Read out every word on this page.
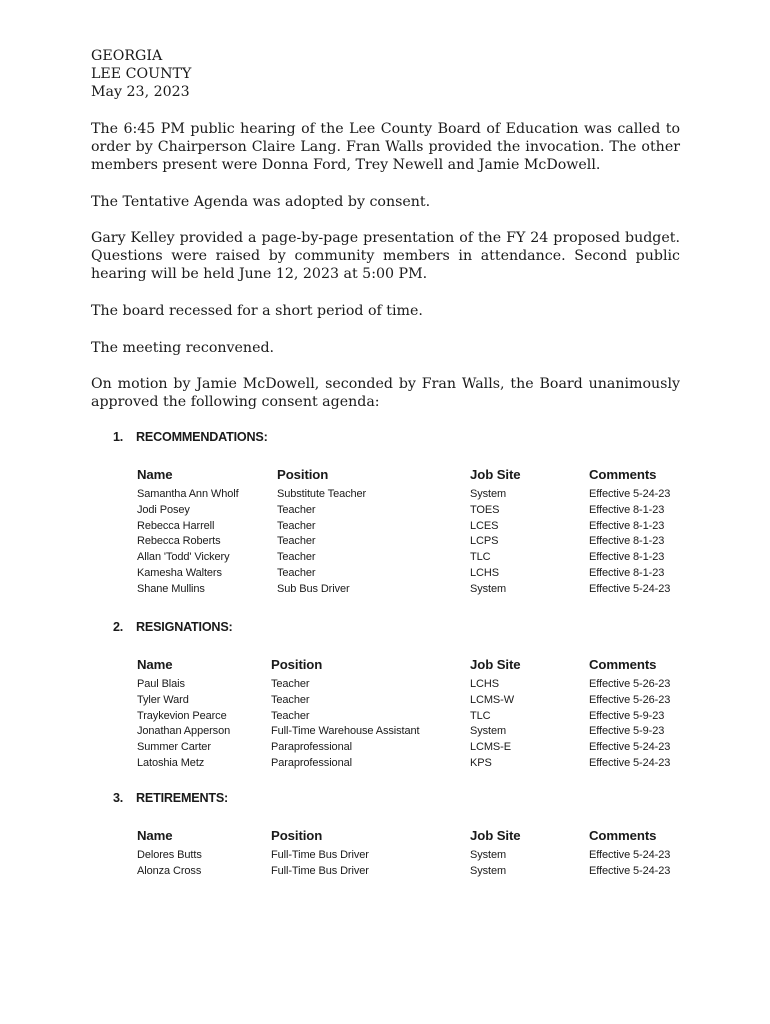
GEORGIA
LEE COUNTY
May 23, 2023

The 6:45 PM public hearing of the Lee County Board of Education was called to order by Chairperson Claire Lang. Fran Walls provided the invocation. The other members present were Donna Ford, Trey Newell and Jamie McDowell.

The Tentative Agenda was adopted by consent.

Gary Kelley provided a page-by-page presentation of the FY 24 proposed budget. Questions were raised by community members in attendance. Second public hearing will be held June 12, 2023 at 5:00 PM.

The board recessed for a short period of time.

The meeting reconvened.

On motion by Jamie McDowell, seconded by Fran Walls, the Board unanimously approved the following consent agenda:

1. RECOMMENDATIONS:
Name	Position	Job Site	Comments
Samantha Ann Wholf	Substitute Teacher	System	Effective 5-24-23
Jodi Posey	Teacher	TOES	Effective 8-1-23
Rebecca Harrell	Teacher	LCES	Effective 8-1-23
Rebecca Roberts	Teacher	LCPS	Effective 8-1-23
Allan 'Todd' Vickery	Teacher	TLC	Effective 8-1-23
Kamesha Walters	Teacher	LCHS	Effective 8-1-23
Shane Mullins	Sub Bus Driver	System	Effective 5-24-23
2. RESIGNATIONS:
Name	Position	Job Site	Comments
Paul Blais	Teacher	LCHS	Effective 5-26-23
Tyler Ward	Teacher	LCMS-W	Effective 5-26-23
Traykevion Pearce	Teacher	TLC	Effective 5-9-23
Jonathan Apperson	Full-Time Warehouse Assistant	System	Effective 5-9-23
Summer Carter	Paraprofessional	LCMS-E	Effective 5-24-23
Latoshia Metz	Paraprofessional	KPS	Effective 5-24-23
3. RETIREMENTS:
Name	Position	Job Site	Comments
Delores Butts	Full-Time Bus Driver	System	Effective 5-24-23
Alonza Cross	Full-Time Bus Driver	System	Effective 5-24-23
